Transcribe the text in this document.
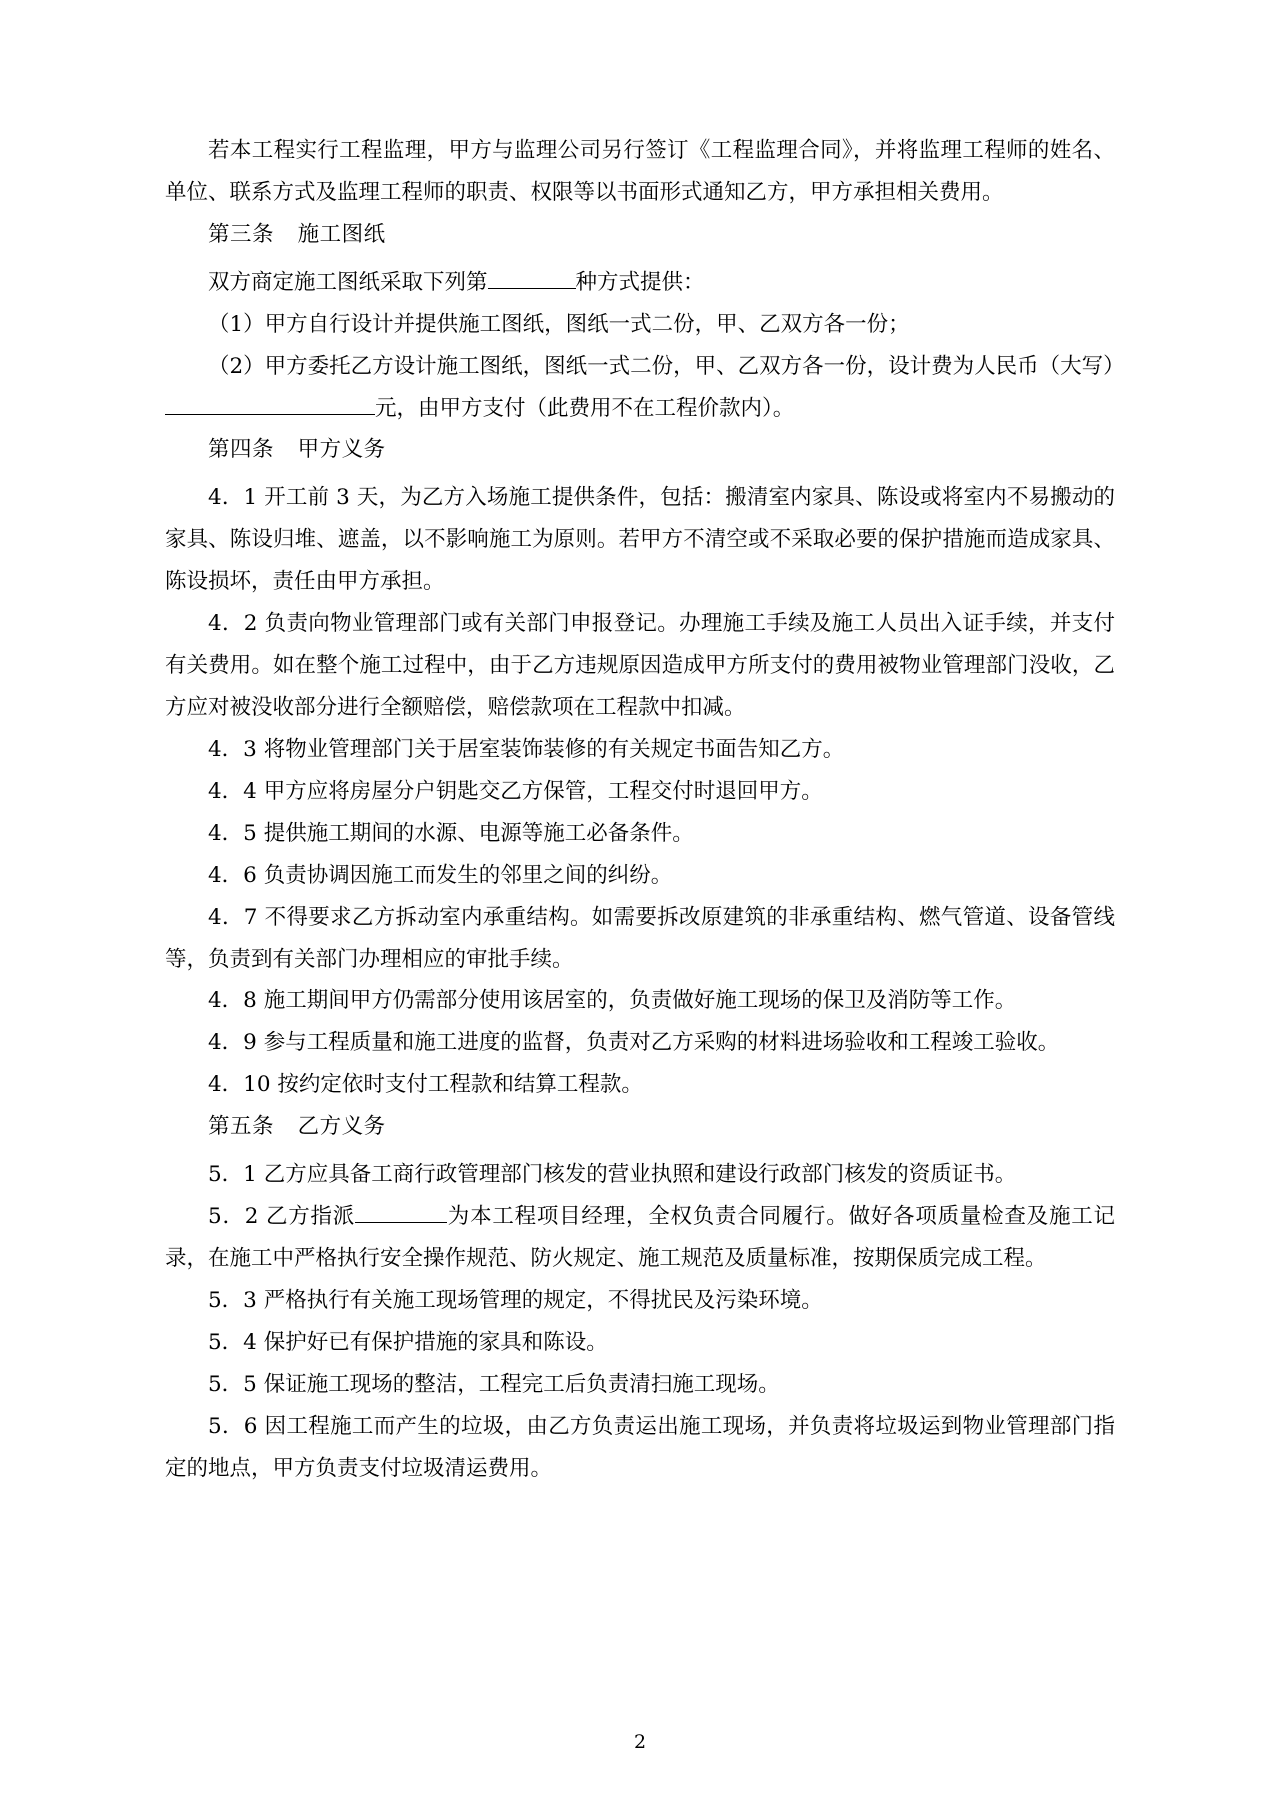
若本工程实行工程监理，甲方与监理公司另行签订《工程监理合同》，并将监理工程师的姓名、单位、联系方式及监理工程师的职责、权限等以书面形式通知乙方，甲方承担相关费用。

第三条 施工图纸

双方商定施工图纸采取下列第	种方式提供：

（1）甲方自行设计并提供施工图纸，图纸一式二份，甲、乙双方各一份；

（2）甲方委托乙方设计施工图纸，图纸一式二份，甲、乙双方各一份，设计费为人民币（大写）元，由甲方支付（此费用不在工程价款内）。

第四条 甲方义务

4．1 开工前 3 天，为乙方入场施工提供条件，包括：搬清室内家具、陈设或将室内不易搬动的家具、陈设归堆、遮盖，以不影响施工为原则。若甲方不清空或不采取必要的保护措施而造成家具、陈设损坏，责任由甲方承担。

4．2 负责向物业管理部门或有关部门申报登记。办理施工手续及施工人员出入证手续，并支付有关费用。如在整个施工过程中，由于乙方违规原因造成甲方所支付的费用被物业管理部门没收，乙方应对被没收部分进行全额赔偿，赔偿款项在工程款中扣减。

4．3 将物业管理部门关于居室装饰装修的有关规定书面告知乙方。

4．4 甲方应将房屋分户钥匙交乙方保管，工程交付时退回甲方。

4．5 提供施工期间的水源、电源等施工必备条件。

4．6 负责协调因施工而发生的邻里之间的纠纷。

4．7 不得要求乙方拆动室内承重结构。如需要拆改原建筑的非承重结构、燃气管道、设备管线等，负责到有关部门办理相应的审批手续。

4．8 施工期间甲方仍需部分使用该居室的，负责做好施工现场的保卫及消防等工作。

4．9 参与工程质量和施工进度的监督，负责对乙方采购的材料进场验收和工程竣工验收。

4．10 按约定依时支付工程款和结算工程款。

第五条 乙方义务

5．1 乙方应具备工商行政管理部门核发的营业执照和建设行政部门核发的资质证书。

5．2 乙方指派	为本工程项目经理，全权负责合同履行。做好各项质量检查及施工记录，在施工中严格执行安全操作规范、防火规定、施工规范及质量标准，按期保质完成工程。

5．3 严格执行有关施工现场管理的规定，不得扰民及污染环境。

5．4 保护好已有保护措施的家具和陈设。

5．5 保证施工现场的整洁，工程完工后负责清扫施工现场。

5．6 因工程施工而产生的垃圾，由乙方负责运出施工现场，并负责将垃圾运到物业管理部门指定的地点，甲方负责支付垃圾清运费用。

2
